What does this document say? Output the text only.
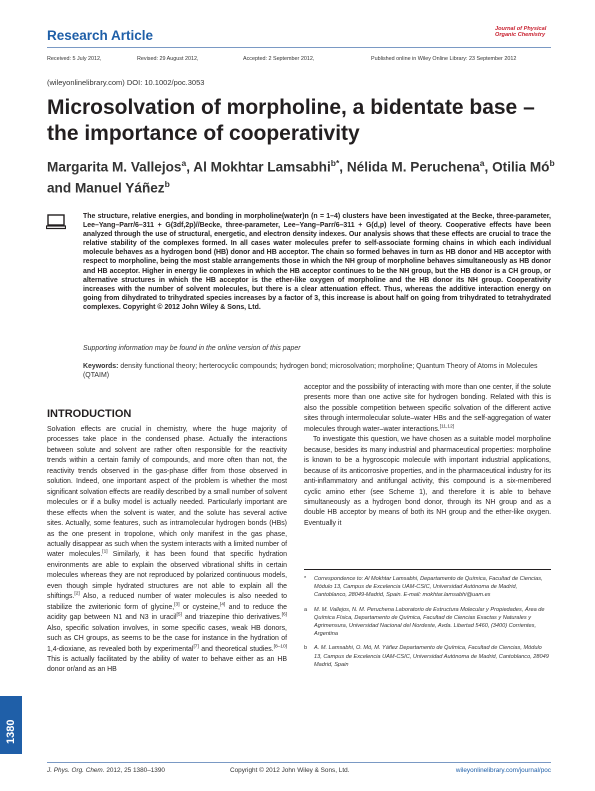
Research Article	Journal of Physical
Organic Chemistry
Received: 5 July 2012,	Revised: 29 August 2012,	Accepted: 2 September 2012,	Published online in Wiley Online Library: 23 September 2012
(wileyonlinelibrary.com) DOI: 10.1002/poc.3053
Microsolvation of morpholine, a bidentate base – the importance of cooperativity
Margarita M. Vallejos$^a$, Al Mokhtar Lamsabhi$^{b*}$, Nélida M. Peruchena$^a$, Otilia $Mó^b$ and Manuel Yáñez$^b$
The structure, relative energies, and bonding in morpholine(water)n (n = 1–4) clusters have been investigated at the Becke, three-parameter, Lee–Yang–Parr/6–311 + G(3df,2p)//Becke, three-parameter, Lee–Yang–Parr/6–311 + G(d,p) level of theory. Cooperative effects have been analyzed through the use of structural, energetic, and electron density indexes. Our analysis shows that these effects are crucial to trace the relative stability of the complexes formed. In all cases water molecules prefer to self-associate forming chains in which each individual molecule behaves as a hydrogen bond (HB) donor and HB acceptor. The chain so formed behaves in turn as HB donor and HB acceptor with respect to morpholine, being the most stable arrangements those in which the NH group of morpholine behaves simultaneously as HB donor and HB acceptor. Higher in energy lie complexes in which the HB acceptor continues to be the NH group, but the HB donor is a CH group, or alternative structures in which the HB acceptor is the ether-like oxygen of morpholine and the HB donor its NH group. Cooperativity increases with the number of solvent molecules, but there is a clear attenuation effect. Thus, whereas the additive interaction energy on going from dihydrated to trihydrated species increases by a factor of 3, this increase is about half on going from trihydrated to tetrahydrated complexes. Copyright © 2012 John Wiley & Sons, Ltd.
Supporting information may be found in the online version of this paper
Keywords: density functional theory; herterocyclic compounds; hydrogen bond; microsolvation; morpholine; Quantum Theory of Atoms in Molecules (QTAIM)
INTRODUCTION

Solvation effects are crucial in chemistry, where the huge majority of processes take place in the condensed phase. Actually the interactions between solute and solvent are rather often responsible for the reactivity trends within a certain family of compounds, and more often than not, the reactivity trends observed in the gas-phase differ from those observed in solution. Indeed, one important aspect of the problem is whether the most significant solvation effects are readily described by a small number of solvent molecules or if a bulky model is actually needed. Particularly important are these effects when the solvent is water, and the solute has several active sites. Actually, some features, such as intramolecular hydrogen bonds (HBs) as the one present in tropolone, which only manifest in the gas phase, actually disappear as such when the system interacts with a limited number of water molecules.[1] Similarly, it has been found that specific hydration environments are able to explain the observed vibrational shifts in certain molecules whereas they are not reproduced by polarized continuous models, even though simple hydrated structures are not able to explain all the shiftings.[2] Also, a reduced number of water molecules is also needed to stabilize the zwiterionic form of glycine,[3] or cysteine,[4] and to reduce the acidity gap between N1 and N3 in uracil[5] and triazepine thio derivatives.[6] Also, specific solvation involves, in some specific cases, weak HB donors, such as CH groups, as seems to be the case for instance in the hydration of 1,4-dioxiane, as revealed both by experimental[7] and theoretical studies.[8–10] This is actually facilitated by the ability of water to behave either as an HB donor or/and as an HB

acceptor and the possibility of interacting with more than one center, if the solute presents more than one active site for hydrogen bonding. Related with this is also the possible competition between specific solvation of the different active sites through intermolecular solute–water HBs and the self-aggregation of water molecules through water–water interactions.[11,12]

To investigate this question, we have chosen as a suitable model morpholine because, besides its many industrial and pharmaceutical properties: morpholine is known to be a hygroscopic molecule with important industrial applications, because of its anticorrosive properties, and in the pharmaceutical industry for its anti-inflammatory and antifungal activity, this compound is a six-membered cyclic amino ether (see Scheme 1), and therefore it is able to behave simultaneously as a hydrogen bond donor, through its NH group and as a double HB acceptor by means of both its NH group and the ether-like oxygen. Eventually it

* Correspondence to: Al Mokhtar Lamsabhi, Departamento de Química, Facultad de Ciencias, Módulo 13, Campus de Excelencia UAM-CSIC, Universidad Autónoma de Madrid, Cantoblanco, 28049-Madrid, Spain. E-mail: mokhtar.lamsabhi@uam.es
a M. M. Vallejos, N. M. Peruchena Laboratorio de Estructura Molecular y Propiedades, Área de Química Física, Departamento de Química, Facultad de Ciencias Exactas y Naturales y Agrimensura, Universidad Nacional del Nordeste, Avda. Libertad 5460, (3400) Corrientes, Argentina
b A. M. Lamsabhi, O. Mó, M. Yáñez Departamento de Química, Facultad de Ciencias, Módulo 13, Campus de Excelencia UAM-CSIC, Universidad Autónoma de Madrid, Cantoblanco, 28049 Madrid, Spain
1380
J. Phys. Org. Chem. 2012, 25 1380–1390	Copyright © 2012 John Wiley & Sons, Ltd.	wileyonlinelibrary.com/journal/poc
